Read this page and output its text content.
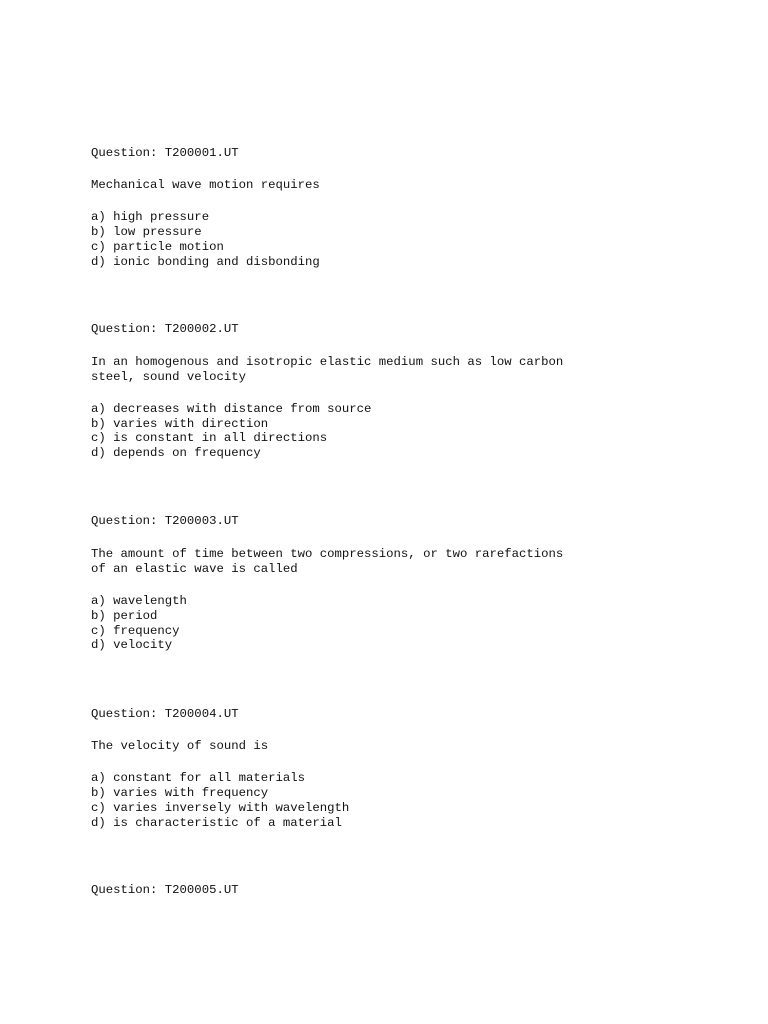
Question: T200001.UT
Mechanical wave motion requires
a) high pressure
b) low pressure
c) particle motion
d) ionic bonding and disbonding
Question: T200002.UT
In an homogenous and isotropic elastic medium such as low carbon
steel, sound velocity
a) decreases with distance from source
b) varies with direction
c) is constant in all directions
d) depends on frequency
Question: T200003.UT
The amount of time between two compressions, or two rarefactions
of an elastic wave is called
a) wavelength
b) period
c) frequency
d) velocity
Question: T200004.UT
The velocity of sound is
a) constant for all materials
b) varies with frequency
c) varies inversely with wavelength
d) is characteristic of a material
Question: T200005.UT
